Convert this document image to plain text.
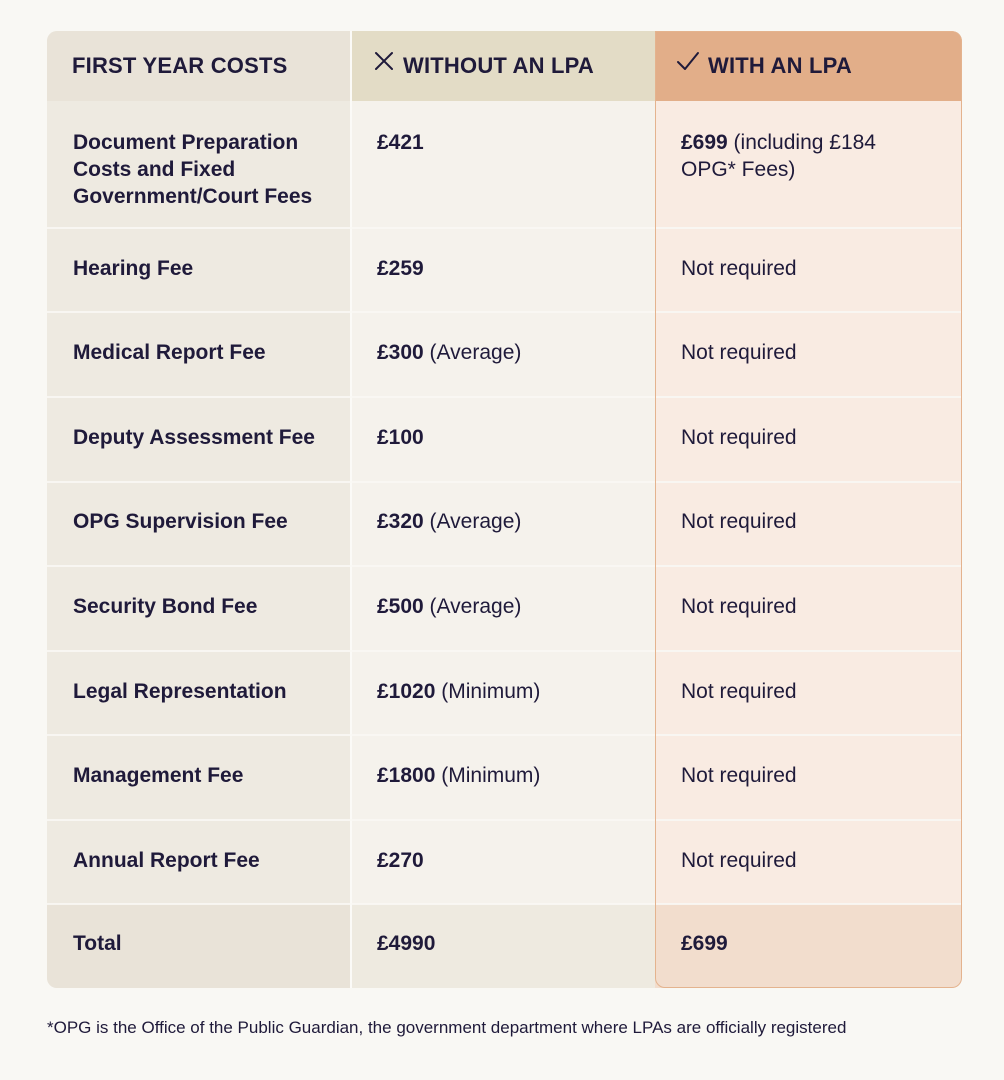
FIRST YEAR COSTS	WITHOUT AN LPA	WITH AN LPA
Document Preparation
Costs and Fixed
Government/Court Fees
£421	£699 (including £184
OPG* Fees)
Hearing Fee	£259	Not required
Medical Report Fee	£300 (Average)	Not required
Deputy Assessment Fee	£100	Not required
OPG Supervision Fee	£320 (Average)	Not required
Security Bond Fee	£500 (Average)	Not required
Legal Representation	£1020 (Minimum)	Not required
Management Fee	£1800 (Minimum)	Not required
Annual Report Fee	£270	Not required
Total	£4990	£699
*OPG is the Office of the Public Guardian, the government department where LPAs are officially registered
